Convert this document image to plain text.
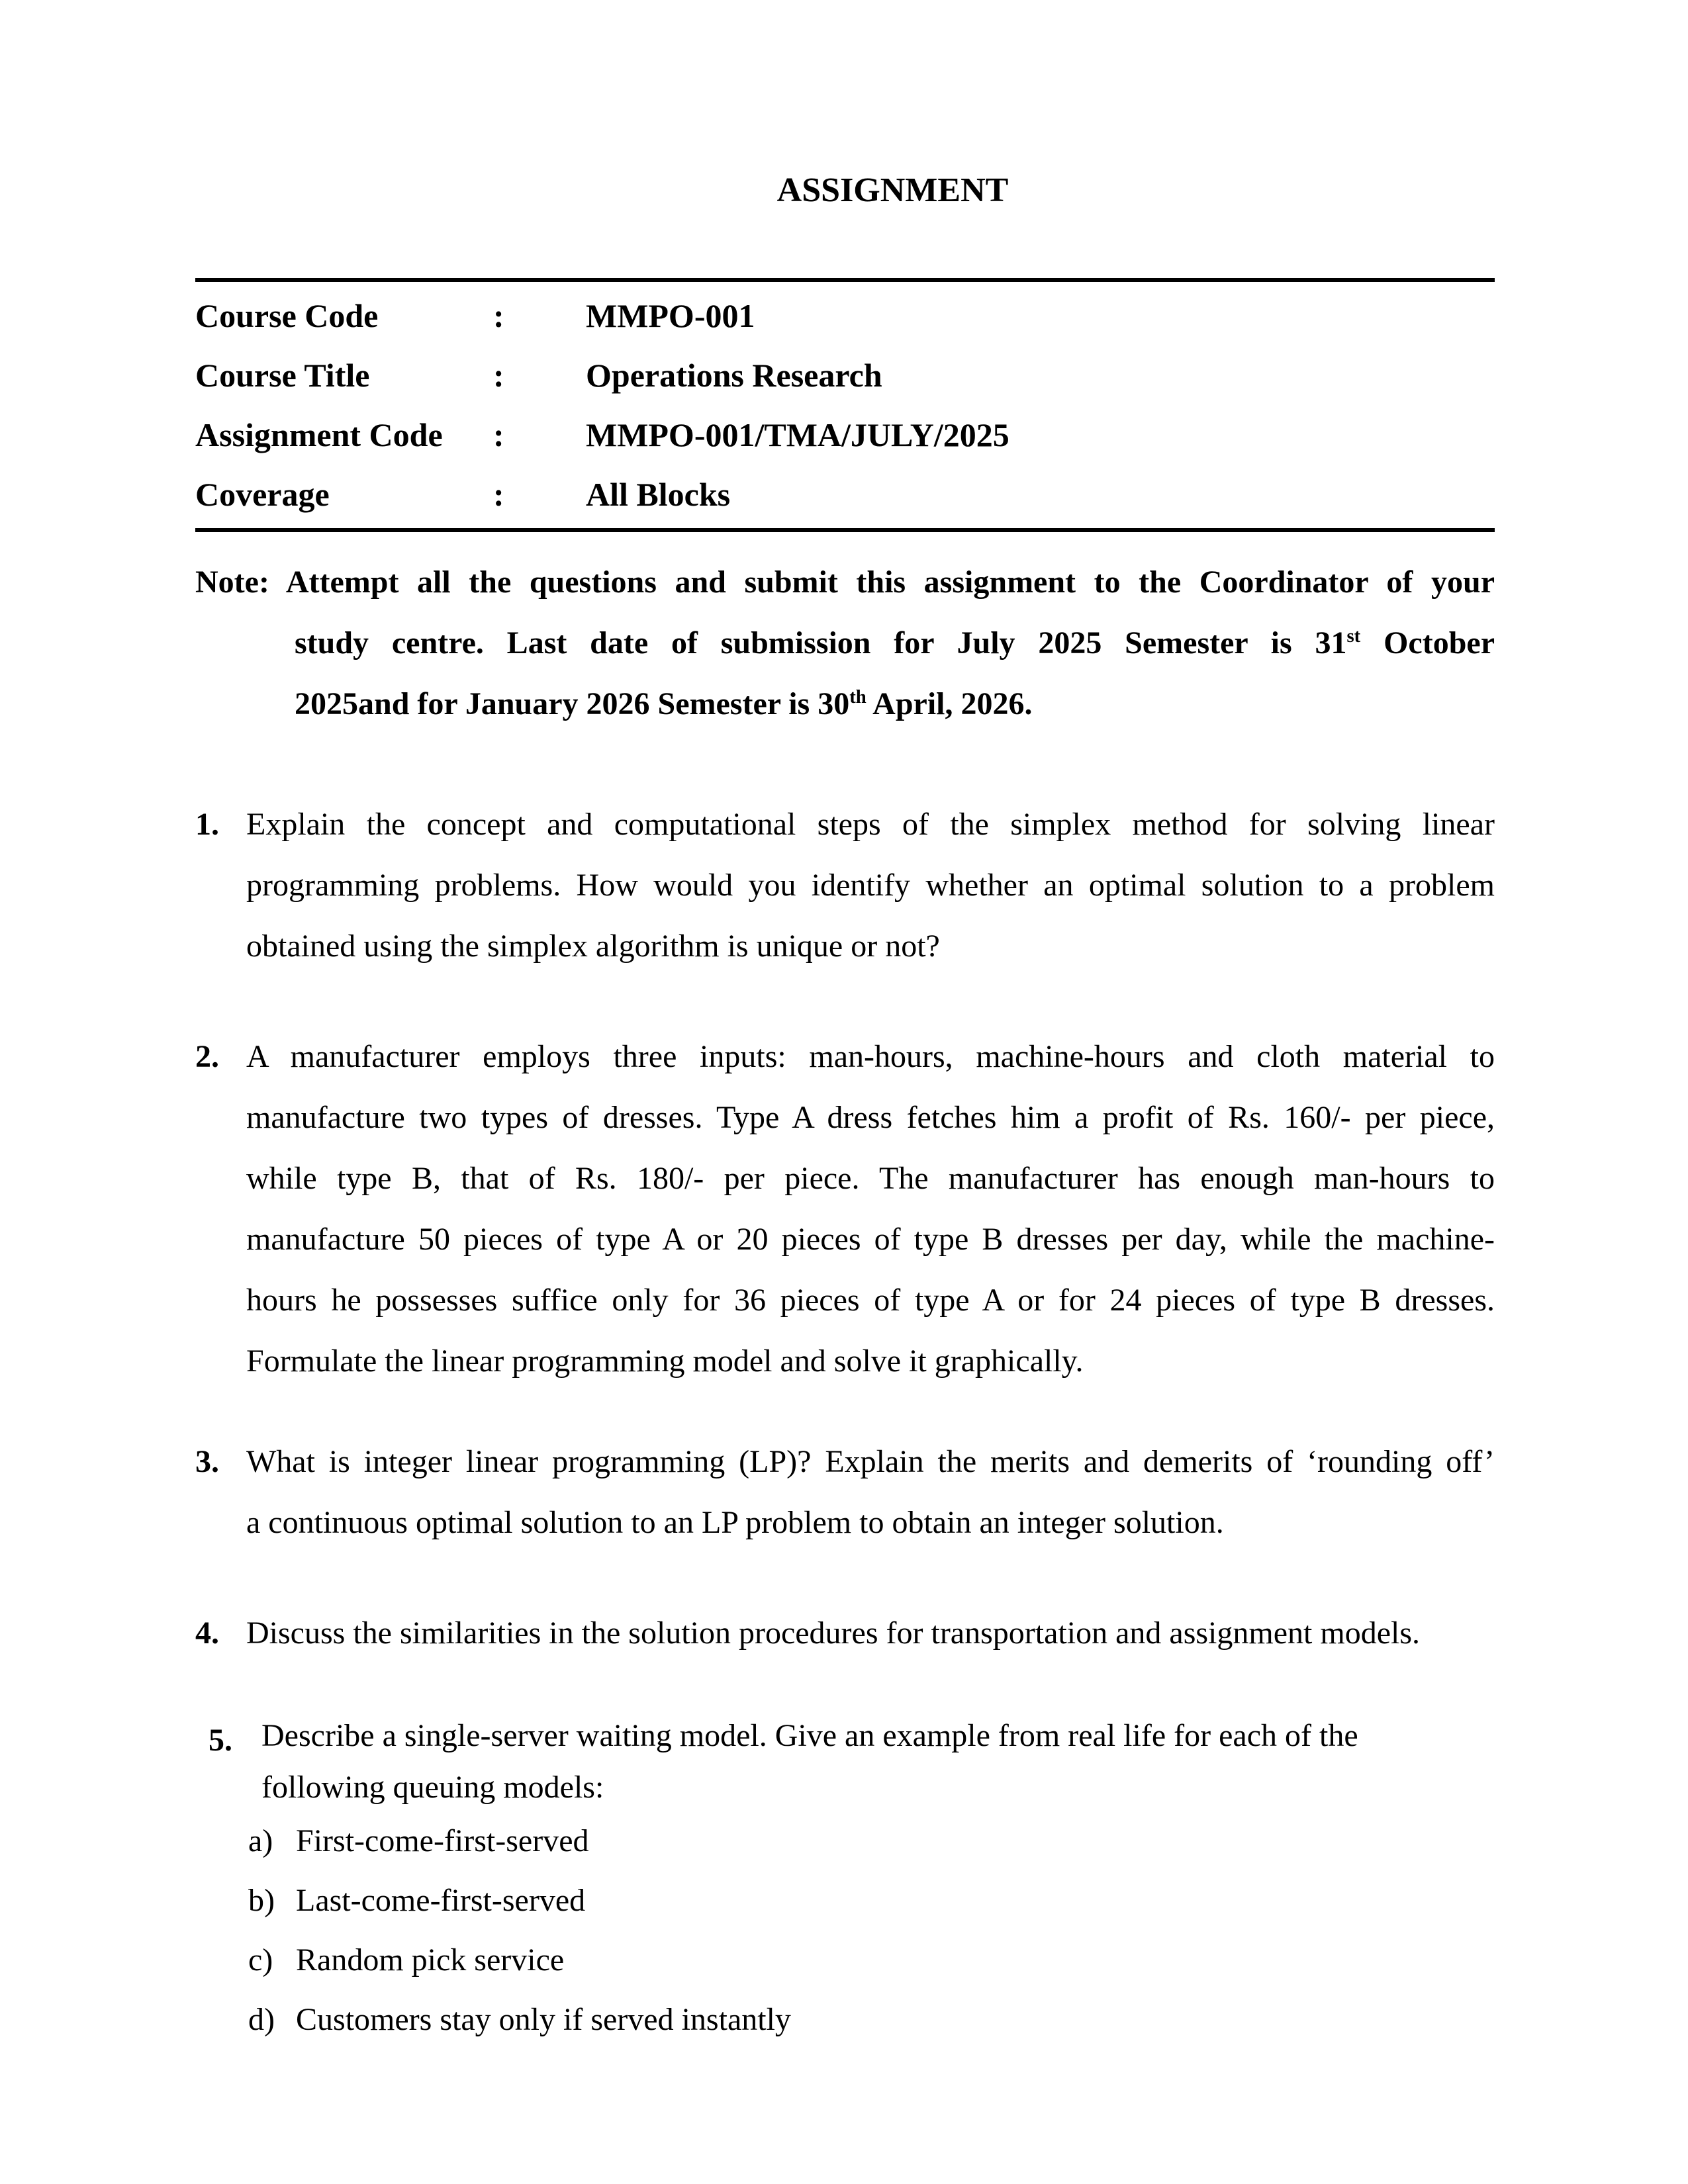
ASSIGNMENT
Course Code	:	MMPO-001
Course Title	:	Operations Research
Assignment Code	:	MMPO-001/TMA/JULY/2025
Coverage	:	All Blocks
Note: Attempt all the questions and submit this assignment to the Coordinator of your
study centre. Last date of submission for July 2025 Semester is 31st October
2025and for January 2026 Semester is 30th April, 2026.
1. Explain the concept and computational steps of the simplex method for solving linear
programming problems. How would you identify whether an optimal solution to a problem
obtained using the simplex algorithm is unique or not?
2. A manufacturer employs three inputs: man-hours, machine-hours and cloth material to
manufacture two types of dresses. Type A dress fetches him a profit of Rs. 160/- per piece,
while type B, that of Rs. 180/- per piece. The manufacturer has enough man-hours to
manufacture 50 pieces of type A or 20 pieces of type B dresses per day, while the machine-
hours he possesses suffice only for 36 pieces of type A or for 24 pieces of type B dresses.
Formulate the linear programming model and solve it graphically.
3. What is integer linear programming (LP)? Explain the merits and demerits of ‘rounding off’
a continuous optimal solution to an LP problem to obtain an integer solution.
4. Discuss the similarities in the solution procedures for transportation and assignment models.
5. Describe a single-server waiting model. Give an example from real life for each of the
following queuing models:
a) First-come-first-served
b) Last-come-first-served
c) Random pick service
d) Customers stay only if served instantly
